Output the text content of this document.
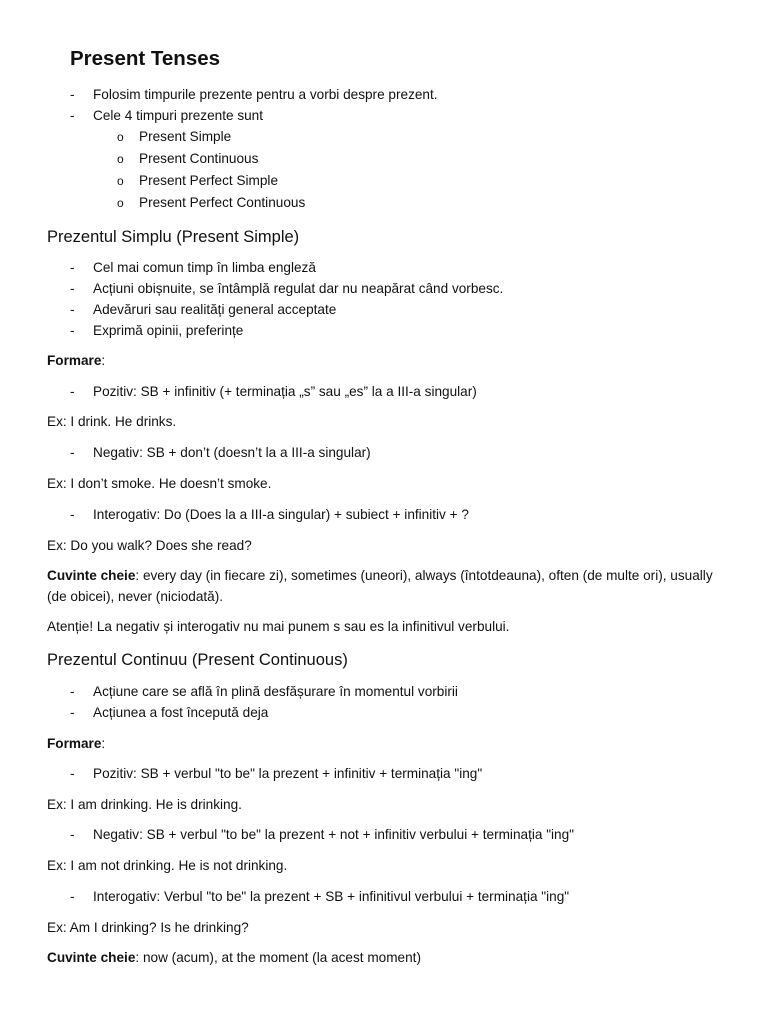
Present Tenses
- Folosim timpurile prezente pentru a vorbi despre prezent.
- Cele 4 timpuri prezente sunt
o Present Simple
o Present Continuous
o Present Perfect Simple
o Present Perfect Continuous
Prezentul Simplu (Present Simple)
- Cel mai comun timp în limba engleză
- Acțiuni obișnuite, se întâmplă regulat dar nu neapărat când vorbesc.
- Adevăruri sau realități general acceptate
- Exprimă opinii, preferințe
Formare:
- Pozitiv: SB + infinitiv (+ terminația „s” sau „es” la a III-a singular)
Ex: I drink. He drinks.
- Negativ: SB + don’t (doesn’t la a III-a singular)
Ex: I don’t smoke. He doesn’t smoke.
- Interogativ: Do (Does la a III-a singular) + subiect + infinitiv + ?
Ex: Do you walk? Does she read?
Cuvinte cheie: every day (in fiecare zi), sometimes (uneori), always (întotdeauna), often (de multe ori), usually (de obicei), never (niciodată).
Atenție! La negativ și interogativ nu mai punem s sau es la infinitivul verbului.
Prezentul Continuu (Present Continuous)
- Acțiune care se află în plină desfășurare în momentul vorbirii
- Acțiunea a fost începută deja
Formare:
- Pozitiv: SB + verbul "to be" la prezent + infinitiv + terminația "ing"
Ex: I am drinking. He is drinking.
- Negativ: SB + verbul "to be" la prezent + not + infinitiv verbului + terminația "ing"
Ex: I am not drinking. He is not drinking.
- Interogativ: Verbul "to be" la prezent + SB + infinitivul verbului + terminația "ing"
Ex: Am I drinking? Is he drinking?
Cuvinte cheie: now (acum), at the moment (la acest moment)
